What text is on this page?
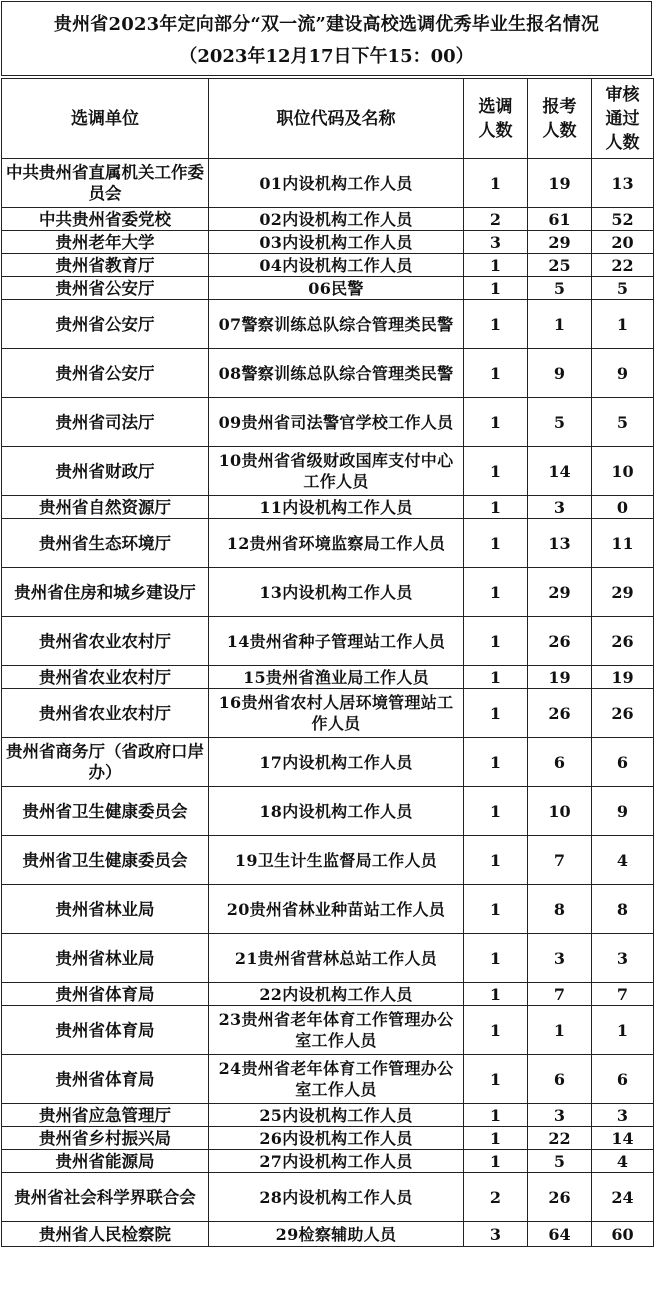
贵州省2023年定向部分“双一流”建设高校选调优秀毕业生报名情况
（2023年12月17日下午15：00）
选调单位	职位代码及名称	选调人数	报考人数	审核通过人数

中共贵州省直属机关工作委员会	01内设机构工作人员	1	19	13
中共贵州省委党校	02内设机构工作人员	2	61	52
贵州老年大学	03内设机构工作人员	3	29	20
贵州省教育厅	04内设机构工作人员	1	25	22
贵州省公安厅	06民警	1	5	5
贵州省公安厅	07警察训练总队综合管理类民警	1	1	1
贵州省公安厅	08警察训练总队综合管理类民警	1	9	9
贵州省司法厅	09贵州省司法警官学校工作人员	1	5	5
贵州省财政厅	10贵州省省级财政国库支付中心工作人员	1	14	10
贵州省自然资源厅	11内设机构工作人员	1	3	0
贵州省生态环境厅	12贵州省环境监察局工作人员	1	13	11
贵州省住房和城乡建设厅	13内设机构工作人员	1	29	29
贵州省农业农村厅	14贵州省种子管理站工作人员	1	26	26
贵州省农业农村厅	15贵州省渔业局工作人员	1	19	19
贵州省农业农村厅	16贵州省农村人居环境管理站工作人员	1	26	26
贵州省商务厅（省政府口岸办）	17内设机构工作人员	1	6	6
贵州省卫生健康委员会	18内设机构工作人员	1	10	9
贵州省卫生健康委员会	19卫生计生监督局工作人员	1	7	4
贵州省林业局	20贵州省林业种苗站工作人员	1	8	8
贵州省林业局	21贵州省营林总站工作人员	1	3	3
贵州省体育局	22内设机构工作人员	1	7	7
贵州省体育局	23贵州省老年体育工作管理办公室工作人员	1	1	1
贵州省体育局	24贵州省老年体育工作管理办公室工作人员	1	6	6
贵州省应急管理厅	25内设机构工作人员	1	3	3
贵州省乡村振兴局	26内设机构工作人员	1	22	14
贵州省能源局	27内设机构工作人员	1	5	4
贵州省社会科学界联合会	28内设机构工作人员	2	26	24
贵州省人民检察院	29检察辅助人员	3	64	60
